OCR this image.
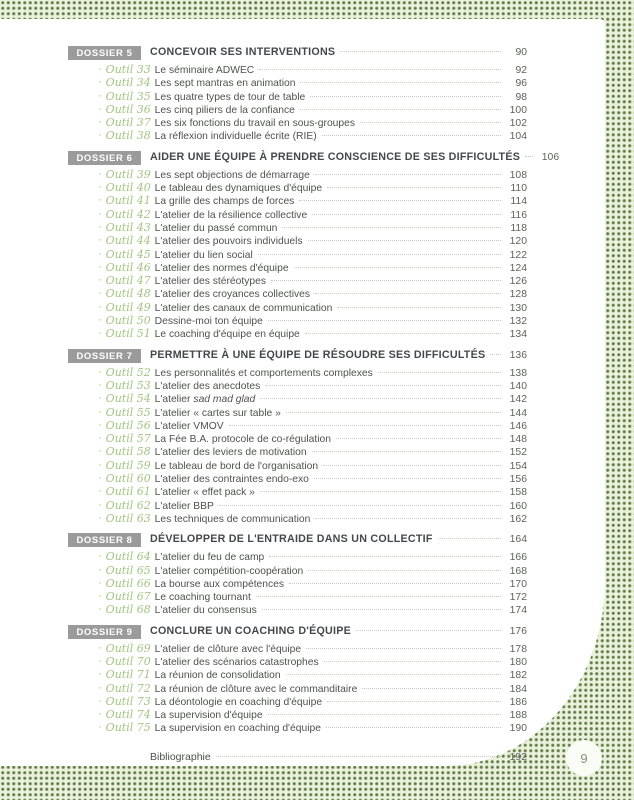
DOSSIER 5	CONCEVOIR SES INTERVENTIONS	90
· Outil 33 Le séminaire ADWEC	92
· Outil 34 Les sept mantras en animation	96
· Outil 35 Les quatre types de tour de table	98
· Outil 36 Les cinq piliers de la confiance	100
· Outil 37 Les six fonctions du travail en sous-groupes	102
· Outil 38 La réflexion individuelle écrite (RIE)	104
DOSSIER 6	AIDER UNE ÉQUIPE À PRENDRE CONSCIENCE DE SES DIFFICULTÉS	106
· Outil 39 Les sept objections de démarrage	108
· Outil 40 Le tableau des dynamiques d'équipe	110
· Outil 41 La grille des champs de forces	114
· Outil 42 L'atelier de la résilience collective	116
· Outil 43 L'atelier du passé commun	118
· Outil 44 L'atelier des pouvoirs individuels	120
· Outil 45 L'atelier du lien social	122
· Outil 46 L'atelier des normes d'équipe	124
· Outil 47 L'atelier des stéréotypes	126
· Outil 48 L'atelier des croyances collectives	128
· Outil 49 L'atelier des canaux de communication	130
· Outil 50 Dessine-moi ton équipe	132
· Outil 51 Le coaching d'équipe en équipe	134
DOSSIER 7	PERMETTRE À UNE ÉQUIPE DE RÉSOUDRE SES DIFFICULTÉS	136
· Outil 52 Les personnalités et comportements complexes	138
· Outil 53 L'atelier des anecdotes	140
· Outil 54 L'atelier sad mad glad	142
· Outil 55 L'atelier « cartes sur table »	144
· Outil 56 L'atelier VMOV	146
· Outil 57 La Fée B.A. protocole de co-régulation	148
· Outil 58 L'atelier des leviers de motivation	152
· Outil 59 Le tableau de bord de l'organisation	154
· Outil 60 L'atelier des contraintes endo-exo	156
· Outil 61 L'atelier « effet pack »	158
· Outil 62 L'atelier BBP	160
· Outil 63 Les techniques de communication	162
DOSSIER 8	DÉVELOPPER DE L'ENTRAIDE DANS UN COLLECTIF	164
· Outil 64 L'atelier du feu de camp	166
· Outil 65 L'atelier compétition-coopération	168
· Outil 66 La bourse aux compétences	170
· Outil 67 Le coaching tournant	172
· Outil 68 L'atelier du consensus	174
DOSSIER 9	CONCLURE UN COACHING D'ÉQUIPE	176
· Outil 69 L'atelier de clôture avec l'équipe	178
· Outil 70 L'atelier des scénarios catastrophes	180
· Outil 71 La réunion de consolidation	182
· Outil 72 La réunion de clôture avec le commanditaire	184
· Outil 73 La déontologie en coaching d'équipe	186
· Outil 74 La supervision d'équipe	188
· Outil 75 La supervision en coaching d'équipe	190
Bibliographie	192	9
